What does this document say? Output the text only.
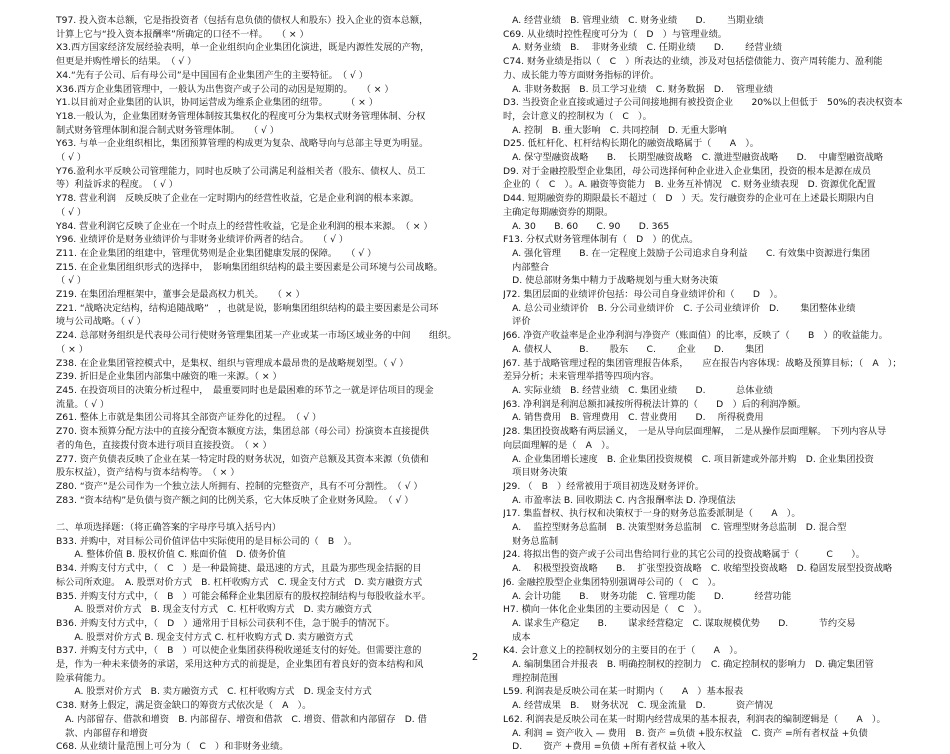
T97. 投入资本总额，它是指投资者（包括有息负债的债权人和股东）投入企业的资本总额，
计算上它与“投入资本报酬率”所确定的口径不一样。　　（ × ）
X3.西方国家经济发展经验表明，单一企业组织向企业集团化演进，既是内源性发展的产物，
但更是并购性增长的结果。　（ √ ）
X4.“先有子公司、后有母公司”是中国国有企业集团产生的主要特征。　（ √ ）
X36.西方企业集团管理中，一般认为出售资产或子公司的动因是短期的。　　（ × ）
Y1.以目前对企业集团的认识，协同运营成为维系企业集团的纽带。　　　（ × ）
Y18.一般认为，企业集团财务管理体制按其集权化的程度可分为集权式财务管理体制、分权
制式财务管理体制和混合制式财务管理体制。　　（ √ ）
Y63. 与单一企业组织相比，集团预算管理的构成更为复杂、战略导向与总部主导更为明显。
（ √ ）
Y76.盈利水平反映公司管理能力，同时也反映了公司满足利益相关者（股东、债权人、员工
等）利益诉求的程度。　（ √ ）
Y78. 营业利润　反映反映了企业在一定时期内的经营性收益，它是企业利润的根本来源。
（ √ ）
Y84. 营业利润它反映了企业在一个时点上的经营性收益，它是企业利润的根本来源。　（ × ）
Y96. 业绩评价是财务业绩评价与非财务业绩评价两者的结合。　　（ √ ）
Z11. 在企业集团的组建中，管理优势则是企业集团健康发展的保障。　　（ √ ）
Z15. 在企业集团组织形式的选择中，　影响集团组织结构的最主要因素是公司环境与公司战略。
（ √ ）
Z19. 在集团治理框架中，董事会是最高权力机关。　　（ × ）
Z21. “战略决定结构，结构追随战略”　，也就是说，影响集团组织结构的最主要因素是公司环
境与公司战略。（ √ ）
Z24. 总部财务组织是代表母公司行使财务管理集团某一产业或某一市场区域业务的中间　　组织。
（ × ）
Z38. 在企业集团管控模式中，是集权、组织与管理成本最昂贵的是战略规划型。（ √ ）
Z39. 折旧是企业集团内部集中融资的唯一来源。（ × ）
Z45. 在投资项目的决策分析过程中，　最重要同时也是最困难的环节之一就是评估项目的现金
流量。（ √ ）
Z61. 整体上市就是集团公司将其全部资产证券化的过程。　（ √ ）
Z70. 资本预算分配方法中的直接分配资本额度方法，集团总部（母公司）扮演资本直接提供
者的角色，直接拨付资本进行项目直接投资。　（ × ）
Z77. 资产负债表反映了企业在某一特定时段的财务状况，如资产总额及其资本来源（负债和
股东权益），资产结构与资本结构等。　（ × ）
Z80. “资产”是公司作为一个独立法人所拥有、控制的完整资产，具有不可分割性。　（ √ ）
Z83. “资本结构”是负债与资产额之间的比例关系，它大体反映了企业财务风险。　（ √ ）

二、单项选择题：（将正确答案的字母序号填入括号内）
B33. 并购中，对目标公司价值评估中实际使用的是目标公司的（　B　）。
　　A. 整体价值 B. 股权价值 C. 账面价值　D. 债务价值
B34. 并购支付方式中，（　C　）是一种最简捷、最迅速的方式，且最为那些现金拮据的目
标公司所欢迎。　A. 股票对价方式　B. 杠杆收购方式　C. 现金支付方式　D. 卖方融资方式
B35. 并购支付方式中，（　B　）可能会稀释企业集团原有的股权控制结构与每股收益水平。
　　A. 股票对价方式　B. 现金支付方式　C. 杠杆收购方式　D. 卖方融资方式
B36. 并购支付方式中，（　D　）通常用于目标公司获利不佳，急于脱手的情况下。
　　A. 股票对价方式 B. 现金支付方式 C. 杠杆收购方式 D. 卖方融资方式
B37. 并购支付方式中，（　B　）可以使企业集团获得税收递延支付的好处。但需要注意的
是，作为一种未来债务的承诺，采用这种方式的前提是，企业集团有着良好的资本结构和风
险承荷能力。
　　A. 股票对价方式　B. 卖方融资方式　C. 杠杆收购方式　D. 现金支付方式
C38. 财务上假定，满足资金缺口的筹资方式依次是（　A　）。
　A. 内部留存、借款和增资　B. 内部留存、增资和借款　C. 增资、借款和内部留存　D. 借
　款、内部留存和增资
C68. 从业绩计量范围上可分为（　C　）和非财务业绩。
　A. 经营业绩　B. 管理业绩　C. 财务业绩　　D. 　　当期业绩
C69. 从业绩时控性程度可分为（　D　）与管理业绩。
　A. 财务业绩　B. 　非财务业绩　C. 任期业绩　　D. 　　经营业绩
C74. 财务业绩是指以（　C　）所表达的业绩，涉及对包括偿债能力、资产周转能力、盈利能
力、成长能力等方面财务指标的评价。
　A. 非财务数据　B. 员工学习业绩　C. 财务数据　D. 　管理业绩
D3. 当投资企业直接或通过子公司间接地拥有被投资企业　　20%以上但低于　50%的表决权资本
时，会计意义的控制权为（　C　）。
　A. 控制　B. 重大影响　C. 共同控制　D. 无重大影响
D25. 低杠杆化、杠杆结构长期化的融资战略属于（　　A　）。
　A. 保守型融资战略　　B. 　长期型融资战略　C. 激进型融资战略　　D. 　中庸型融资战略
D9. 对于金融控股型企业集团，母公司选择何种企业进入企业集团，投资的根本是源在成员
企业的（　C　）。A. 融资等资能力　B. 业务互补情况　C. 财务业绩表现　D. 资源优化配置
D44. 短期融资券的期限最长不超过（　D　）天。发行融资券的企业可在上述最长期限内自
主确定每期融资券的期限。
　A. 30　　B. 60　　C. 90　　D. 365
F13. 分权式财务管理体制有（　D　）的优点。
　A. 强化管理　　B. 在一定程度上鼓励子公司追求自身利益　　C. 有效集中资源进行集团
　内部整合
　D. 使总部财务集中精力于战略规划与重大财务决策
J72. 集团层面的业绩评价包括：母公司自身业绩评价和（　　D　）。
　A. 总公司业绩评价　B. 分公司业绩评价　C. 子公司业绩评价　D. 　　集团整体业绩
　评价
J66. 净资产收益率是企业净利润与净资产（账面值）的比率，反映了（　　B　）的收益能力。
　A. 债权人　　　B. 　　股东　　C. 　　企业　　D. 　　集团
J67. 基于战略管理过程的集团管理报告体系，　　应在报告内容体现：战略及预算目标；（　A　）；
差异分析；未来管理举措等四项内容。
　A. 实际业绩　B. 经营业绩　C. 集团业绩　　D. 　　　总体业绩
J63. 净利润是利润总额扣减按所得税法计算的（　　D　）后的利润净额。
　A. 销售费用　B. 管理费用　C. 营业费用　　D. 　所得税费用
J28. 集团投资战略有两层涵义，　一是从导向层面理解，　二是从操作层面理解。　下列内容从导
向层面理解的是（　A　）。
　A. 企业集团增长速度　B. 企业集团投资规模　C. 项目新建或外部并购　D. 企业集团投资
　项目财务决策
J29. （　B　）经常被用于项目初选及财务评价。
　A. 市盈率法 B. 回收期法 C. 内含报酬率法 D. 净现值法
J17. 集监督权、执行权和决策权于一身的财务总监委派制是（　　A　）。
　A. 　监控型财务总监制　B. 决策型财务总监制　C. 管理型财务总监制　D. 混合型
　财务总监制
J24. 将拟出售的资产或子公司出售给同行业的其它公司的投资战略属于（　　　C　　）。
　A. 　积极型投资战略　　B. 　扩张型投资战略　C. 收缩型投资战略　D. 稳固发展型投资战略
J6. 金融控股型企业集团特别强调母公司的（　C　）。
　A. 会计功能　　B. 　财务功能　C. 管理功能　　D. 　　　经营功能
H7. 横向一体化企业集团的主要动因是（　C　）。
　A. 谋求生产稳定　　B. 　　谋求经营稳定　C. 谋取规模优势　　D. 　　　节约交易
　成本
K4. 会计意义上的控制权划分的主要目的在于（　　A　）。
　A. 编制集团合并报表　B. 明确控制权的控制力　C. 确定控制权的影响力　D. 确定集团管
　理控制范围
L59. 利润表是反映公司在某一时期内（　　A　）基本报表
　A. 经营成果　B. 　财务状况　C. 现金流量　D. 　　　资产情况
L62. 利润表是反映公司在某一时期内经营成果的基本报表，利润表的编制逻辑是（　　A　）。
　A. 利润 = 资产收入 — 费用　B. 资产 =负债 +股东权益　C. 资产 =所有者权益 +负债
　D. 　　资产 +费用 =负债 +所有者权益 +收入
2
